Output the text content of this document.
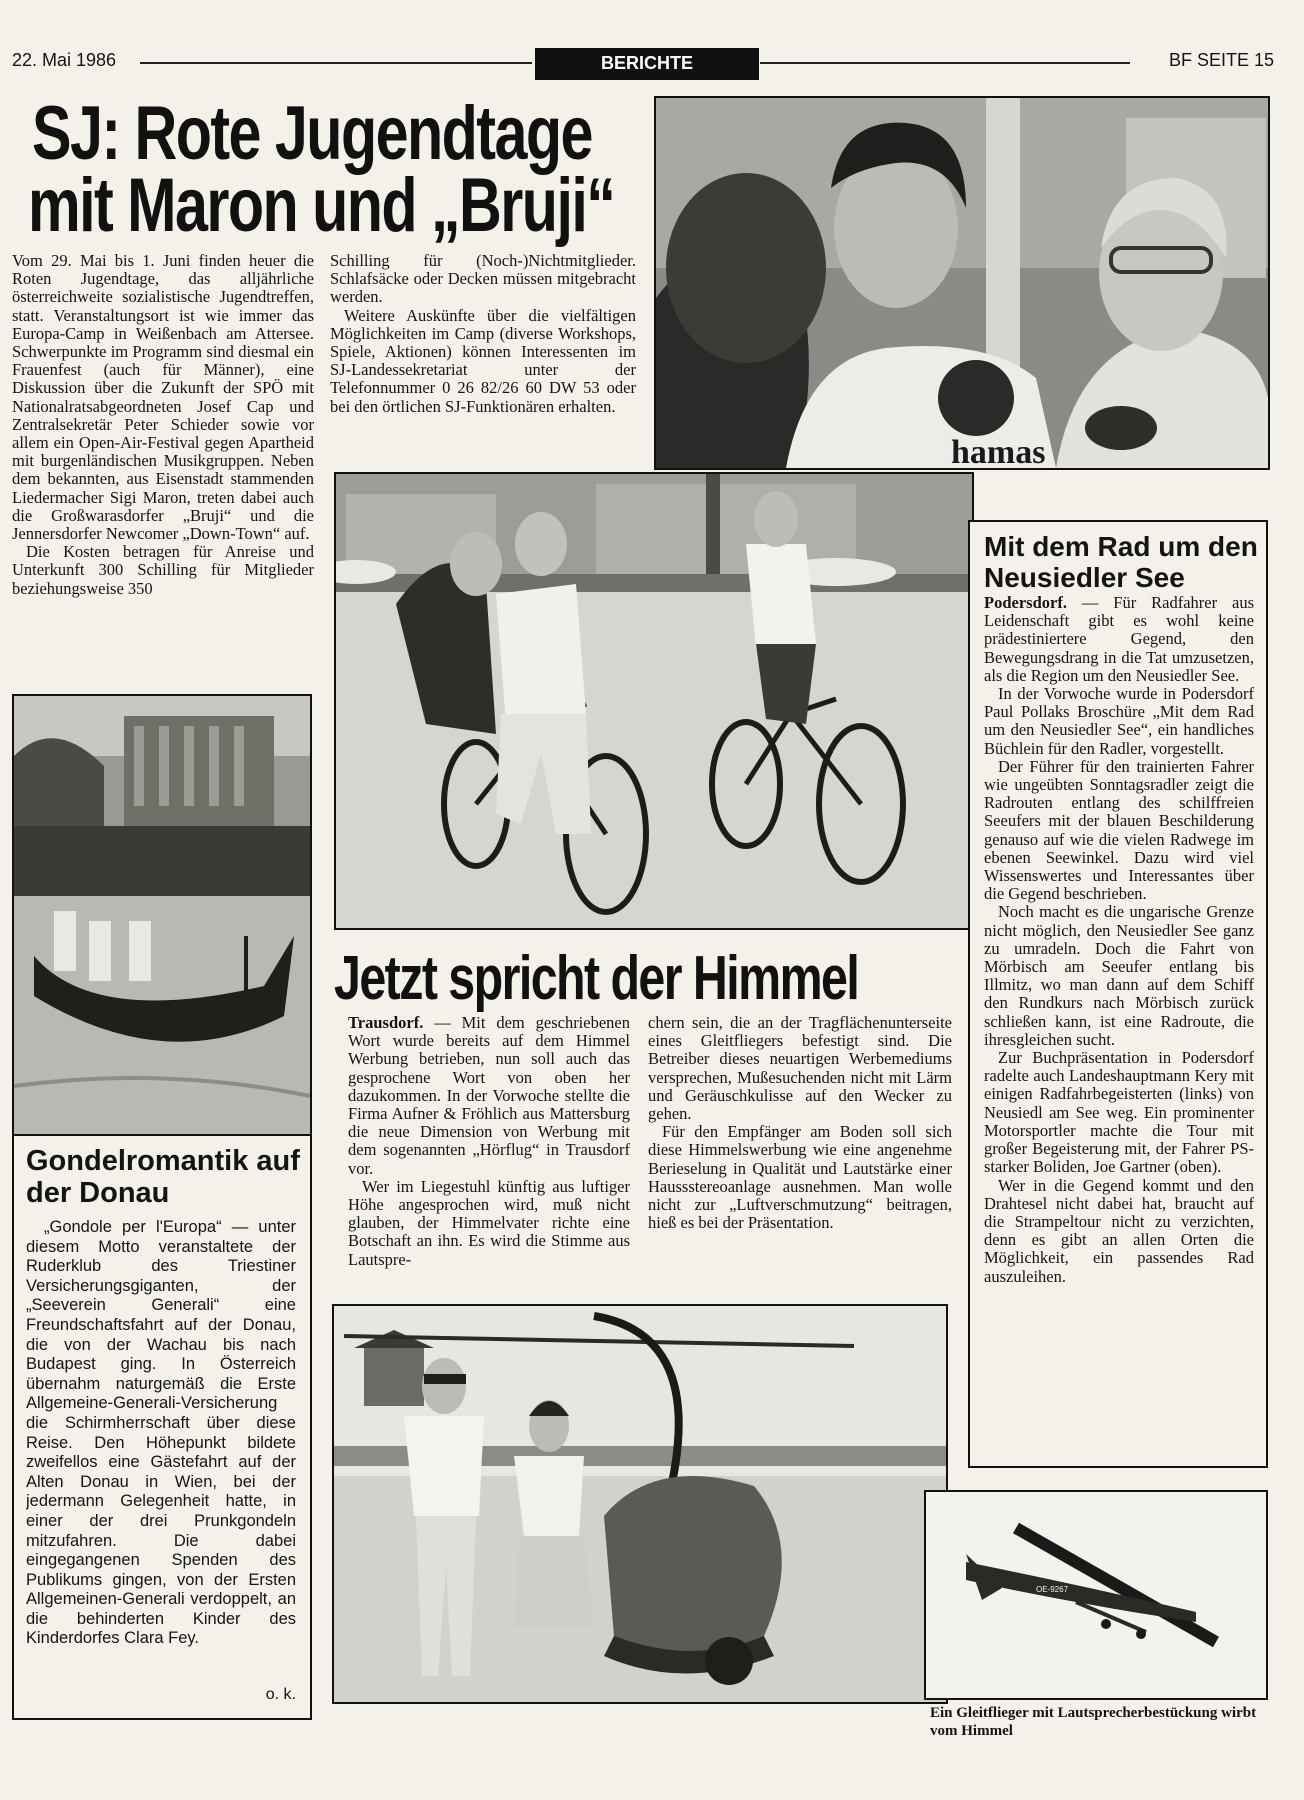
22. Mai 1986	BERICHTE	BF SEITE 15
SJ: Rote Jugendtage
mit Maron und „Bruji“

Vom 29. Mai bis 1. Juni finden heuer die Roten Jugendtage, das alljährliche österreichweite sozialistische Jugendtreffen, statt. Veranstaltungsort ist wie immer das Europa-Camp in Weißenbach am Attersee. Schwerpunkte im Programm sind diesmal ein Frauenfest (auch für Männer), eine Diskussion über die Zukunft der SPÖ mit Nationalratsabgeordneten Josef Cap und Zentralsekretär Peter Schieder sowie vor allem ein Open-Air-Festival gegen Apartheid mit burgenländischen Musikgruppen. Neben dem bekannten, aus Eisenstadt stammenden Liedermacher Sigi Maron, treten dabei auch die Großwarasdorfer „Bruji“ und die Jennersdorfer Newcomer „Down-Town“ auf.

Die Kosten betragen für Anreise und Unterkunft 300 Schilling für Mitglieder beziehungsweise 350

Schilling für (Noch-)Nichtmitglieder. Schlafsäcke oder Decken müssen mitgebracht werden.

Weitere Auskünfte über die vielfältigen Möglichkeiten im Camp (diverse Workshops, Spiele, Aktionen) können Interessenten im SJ-Landessekretariat unter der Telefonnummer 0 26 82/26 60 DW 53 oder bei den örtlichen SJ-Funktionären erhalten.

hamas
Mit dem Rad um den Neusiedler See

Podersdorf. — Für Radfahrer aus Leidenschaft gibt es wohl keine prädestiniertere Gegend, den Bewegungsdrang in die Tat umzusetzen, als die Region um den Neusiedler See.

In der Vorwoche wurde in Podersdorf Paul Pollaks Broschüre „Mit dem Rad um den Neusiedler See“, ein handliches Büchlein für den Radler, vorgestellt.

Der Führer für den trainierten Fahrer wie ungeübten Sonntagsradler zeigt die Radrouten entlang des schilffreien Seeufers mit der blauen Beschilderung genauso auf wie die vielen Radwege im ebenen Seewinkel. Dazu wird viel Wissenswertes und Interessantes über die Gegend beschrieben.

Noch macht es die ungarische Grenze nicht möglich, den Neusiedler See ganz zu umradeln. Doch die Fahrt von Mörbisch am Seeufer entlang bis Illmitz, wo man dann auf dem Schiff den Rundkurs nach Mörbisch zurück schließen kann, ist eine Radroute, die ihresgleichen sucht.

Zur Buchpräsentation in Podersdorf radelte auch Landeshauptmann Kery mit einigen Radfahrbegeisterten (links) von Neusiedl am See weg. Ein prominenter Motorsportler machte die Tour mit großer Begeisterung mit, der Fahrer PS-starker Boliden, Joe Gartner (oben).

Wer in die Gegend kommt und den Drahtesel nicht dabei hat, braucht auf die Strampeltour nicht zu verzichten, denn es gibt an allen Orten die Möglichkeit, ein passendes Rad auszuleihen.

Gondelromantik auf der Donau
„Gondole per l'Europa“ — unter diesem Motto veranstaltete der Ruderklub des Triestiner Versicherungsgiganten, der „Seeverein Generali“ eine Freundschaftsfahrt auf der Donau, die von der Wachau bis nach Budapest ging. In Österreich übernahm naturgemäß die Erste Allgemeine-Generali-Versicherung die Schirmherrschaft über diese Reise. Den Höhepunkt bildete zweifellos eine Gästefahrt auf der Alten Donau in Wien, bei der jedermann Gelegenheit hatte, in einer der drei Prunkgondeln mitzufahren. Die dabei eingegangenen Spenden des Publikums gingen, von der Ersten Allgemeinen-Generali verdoppelt, an die behinderten Kinder des Kinderdorfes Clara Fey.
o. k.
Jetzt spricht der Himmel

Trausdorf. — Mit dem geschriebenen Wort wurde bereits auf dem Himmel Werbung betrieben, nun soll auch das gesprochene Wort von oben her dazukommen. In der Vorwoche stellte die Firma Aufner & Fröhlich aus Mattersburg die neue Dimension von Werbung mit dem sogenannten „Hörflug“ in Trausdorf vor.

Wer im Liegestuhl künftig aus luftiger Höhe angesprochen wird, muß nicht glauben, der Himmelvater richte eine Botschaft an ihn. Es wird die Stimme aus Lautspre-

chern sein, die an der Tragflächenunterseite eines Gleitfliegers befestigt sind. Die Betreiber dieses neuartigen Werbemediums versprechen, Mußesuchenden nicht mit Lärm und Geräuschkulisse auf den Wecker zu gehen.

Für den Empfänger am Boden soll sich diese Himmelswerbung wie eine angenehme Berieselung in Qualität und Lautstärke einer Haussstereoanlage ausnehmen. Man wolle nicht zur „Luftverschmutzung“ beitragen, hieß es bei der Präsentation.

OE-9267
Ein Gleitflieger mit Lautsprecherbestückung wirbt vom Himmel
